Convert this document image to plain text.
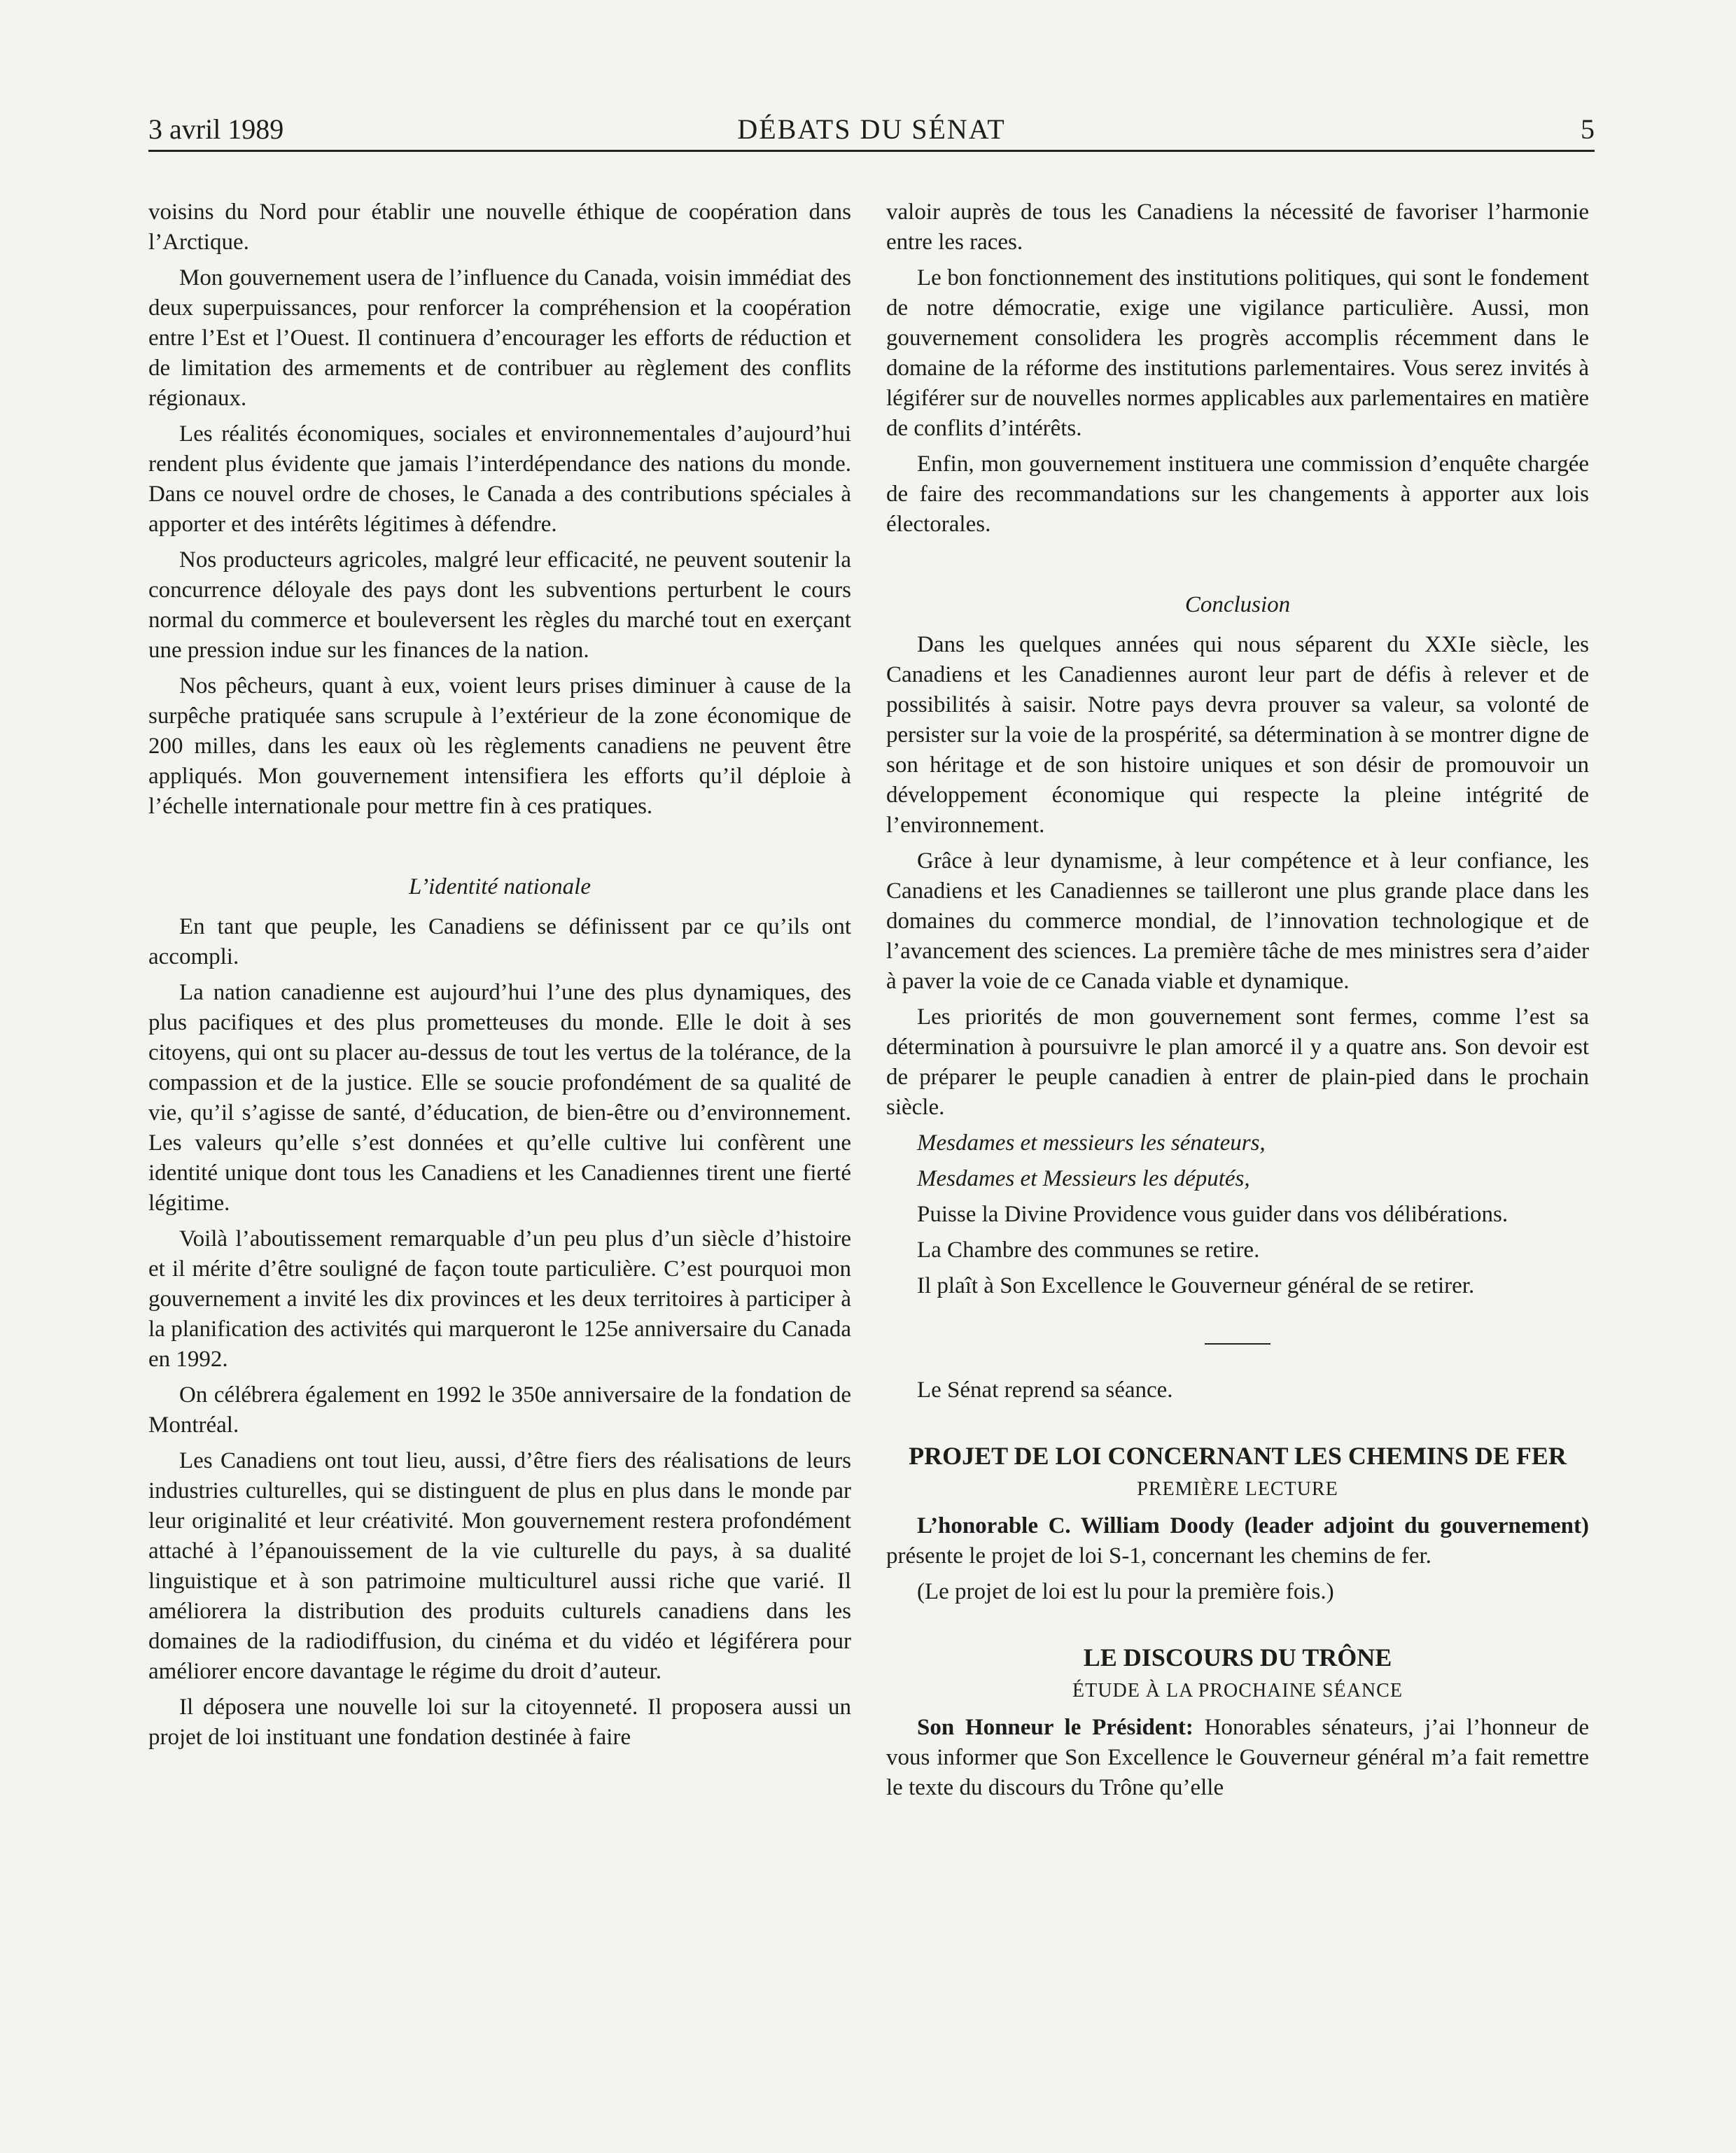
3 avril 1989	DÉBATS DU SÉNAT	5

voisins du Nord pour établir une nouvelle éthique de coopération dans l’Arctique.

Mon gouvernement usera de l’influence du Canada, voisin immédiat des deux superpuissances, pour renforcer la compréhension et la coopération entre l’Est et l’Ouest. Il continuera d’encourager les efforts de réduction et de limitation des armements et de contribuer au règlement des conflits régionaux.

Les réalités économiques, sociales et environnementales d’aujourd’hui rendent plus évidente que jamais l’interdépendance des nations du monde. Dans ce nouvel ordre de choses, le Canada a des contributions spéciales à apporter et des intérêts légitimes à défendre.

Nos producteurs agricoles, malgré leur efficacité, ne peuvent soutenir la concurrence déloyale des pays dont les subventions perturbent le cours normal du commerce et bouleversent les règles du marché tout en exerçant une pression indue sur les finances de la nation.

Nos pêcheurs, quant à eux, voient leurs prises diminuer à cause de la surpêche pratiquée sans scrupule à l’extérieur de la zone économique de 200 milles, dans les eaux où les règlements canadiens ne peuvent être appliqués. Mon gouvernement intensifiera les efforts qu’il déploie à l’échelle internationale pour mettre fin à ces pratiques.

L’identité nationale

En tant que peuple, les Canadiens se définissent par ce qu’ils ont accompli.

La nation canadienne est aujourd’hui l’une des plus dynamiques, des plus pacifiques et des plus prometteuses du monde. Elle le doit à ses citoyens, qui ont su placer au-dessus de tout les vertus de la tolérance, de la compassion et de la justice. Elle se soucie profondément de sa qualité de vie, qu’il s’agisse de santé, d’éducation, de bien-être ou d’environnement. Les valeurs qu’elle s’est données et qu’elle cultive lui confèrent une identité unique dont tous les Canadiens et les Canadiennes tirent une fierté légitime.

Voilà l’aboutissement remarquable d’un peu plus d’un siècle d’histoire et il mérite d’être souligné de façon toute particulière. C’est pourquoi mon gouvernement a invité les dix provinces et les deux territoires à participer à la planification des activités qui marqueront le 125e anniversaire du Canada en 1992.

On célébrera également en 1992 le 350e anniversaire de la fondation de Montréal.

Les Canadiens ont tout lieu, aussi, d’être fiers des réalisations de leurs industries culturelles, qui se distinguent de plus en plus dans le monde par leur originalité et leur créativité. Mon gouvernement restera profondément attaché à l’épanouissement de la vie culturelle du pays, à sa dualité linguistique et à son patrimoine multiculturel aussi riche que varié. Il améliorera la distribution des produits culturels canadiens dans les domaines de la radiodiffusion, du cinéma et du vidéo et légiférera pour améliorer encore davantage le régime du droit d’auteur.

Il déposera une nouvelle loi sur la citoyenneté. Il proposera aussi un projet de loi instituant une fondation destinée à faire

valoir auprès de tous les Canadiens la nécessité de favoriser l’harmonie entre les races.

Le bon fonctionnement des institutions politiques, qui sont le fondement de notre démocratie, exige une vigilance particulière. Aussi, mon gouvernement consolidera les progrès accomplis récemment dans le domaine de la réforme des institutions parlementaires. Vous serez invités à légiférer sur de nouvelles normes applicables aux parlementaires en matière de conflits d’intérêts.

Enfin, mon gouvernement instituera une commission d’enquête chargée de faire des recommandations sur les changements à apporter aux lois électorales.

Conclusion

Dans les quelques années qui nous séparent du XXIe siècle, les Canadiens et les Canadiennes auront leur part de défis à relever et de possibilités à saisir. Notre pays devra prouver sa valeur, sa volonté de persister sur la voie de la prospérité, sa détermination à se montrer digne de son héritage et de son histoire uniques et son désir de promouvoir un développement économique qui respecte la pleine intégrité de l’environnement.

Grâce à leur dynamisme, à leur compétence et à leur confiance, les Canadiens et les Canadiennes se tailleront une plus grande place dans les domaines du commerce mondial, de l’innovation technologique et de l’avancement des sciences. La première tâche de mes ministres sera d’aider à paver la voie de ce Canada viable et dynamique.

Les priorités de mon gouvernement sont fermes, comme l’est sa détermination à poursuivre le plan amorcé il y a quatre ans. Son devoir est de préparer le peuple canadien à entrer de plain-pied dans le prochain siècle.

Mesdames et messieurs les sénateurs,

Mesdames et Messieurs les députés,

Puisse la Divine Providence vous guider dans vos délibérations.

La Chambre des communes se retire.

Il plaît à Son Excellence le Gouverneur général de se retirer.

Le Sénat reprend sa séance.

PROJET DE LOI CONCERNANT LES CHEMINS DE FER

PREMIÈRE LECTURE

L’honorable C. William Doody (leader adjoint du gouvernement) présente le projet de loi S-1, concernant les chemins de fer.

(Le projet de loi est lu pour la première fois.)

LE DISCOURS DU TRÔNE

ÉTUDE À LA PROCHAINE SÉANCE

Son Honneur le Président: Honorables sénateurs, j’ai l’honneur de vous informer que Son Excellence le Gouverneur général m’a fait remettre le texte du discours du Trône qu’elle
